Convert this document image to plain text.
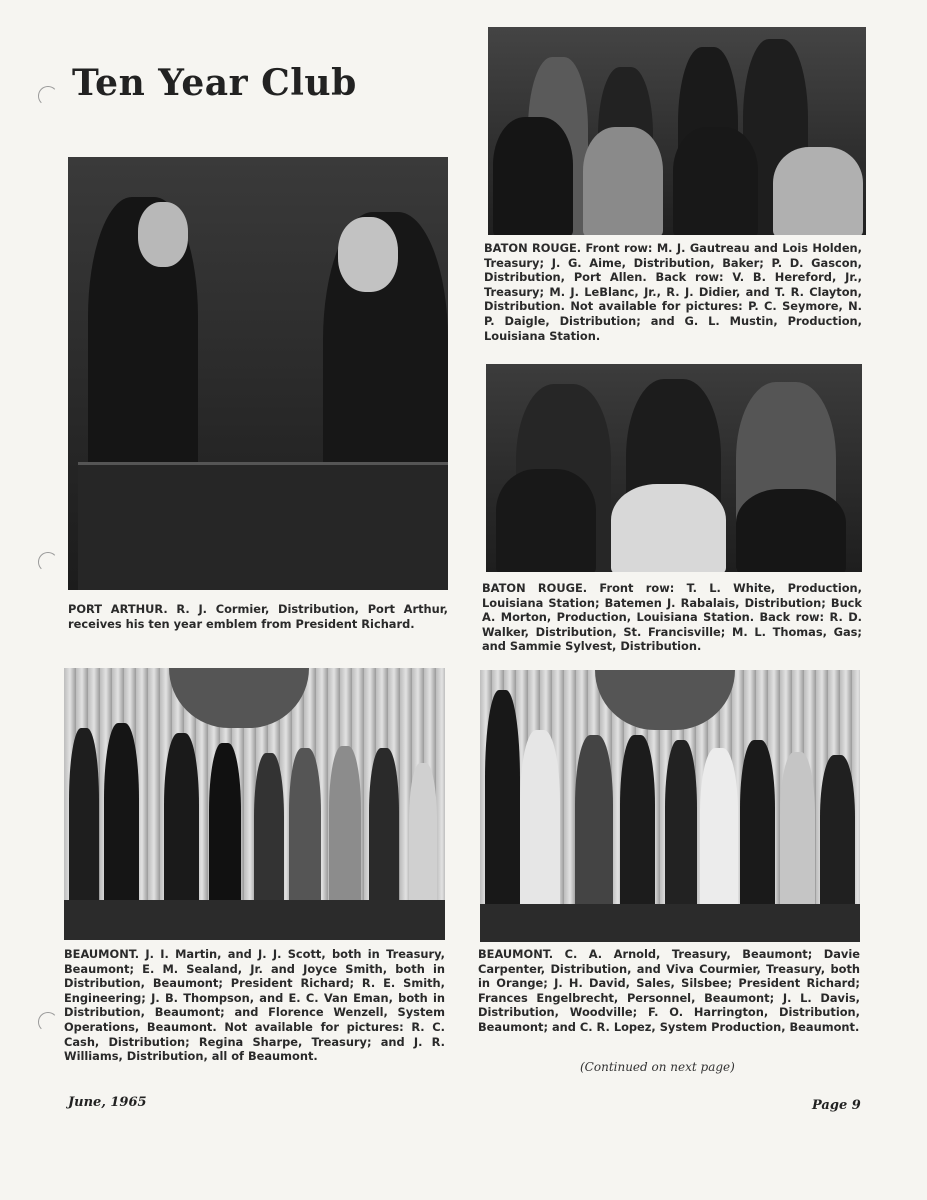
Ten Year Club
PORT ARTHUR. R. J. Cormier, Distribution, Port Arthur, receives his ten year emblem from President Richard.
BATON ROUGE. Front row: M. J. Gautreau and Lois Holden, Treasury; J. G. Aime, Distribution, Baker; P. D. Gascon, Distribution, Port Allen. Back row: V. B. Hereford, Jr., Treasury; M. J. LeBlanc, Jr., R. J. Didier, and T. R. Clayton, Distribution. Not available for pictures: P. C. Seymore, N. P. Daigle, Distribution; and G. L. Mustin, Production, Louisiana Station.
BATON ROUGE. Front row: T. L. White, Production, Louisiana Station; Batemen J. Rabalais, Distribution; Buck A. Morton, Production, Louisiana Station. Back row: R. D. Walker, Distribution, St. Francisville; M. L. Thomas, Gas; and Sammie Sylvest, Distribution.
BEAUMONT. J. I. Martin, and J. J. Scott, both in Treasury, Beaumont; E. M. Sealand, Jr. and Joyce Smith, both in Distribution, Beaumont; President Richard; R. E. Smith, Engineering; J. B. Thompson, and E. C. Van Eman, both in Distribution, Beaumont; and Florence Wenzell, System Operations, Beaumont. Not available for pictures: R. C. Cash, Distribution; Regina Sharpe, Treasury; and J. R. Williams, Distribution, all of Beaumont.
BEAUMONT. C. A. Arnold, Treasury, Beaumont; Davie Carpenter, Distribution, and Viva Courmier, Treasury, both in Orange; J. H. David, Sales, Silsbee; President Richard; Frances Engelbrecht, Personnel, Beaumont; J. L. Davis, Distribution, Woodville; F. O. Harrington, Distribution, Beaumont; and C. R. Lopez, System Production, Beaumont.
(Continued on next page)
June, 1965	Page 9
